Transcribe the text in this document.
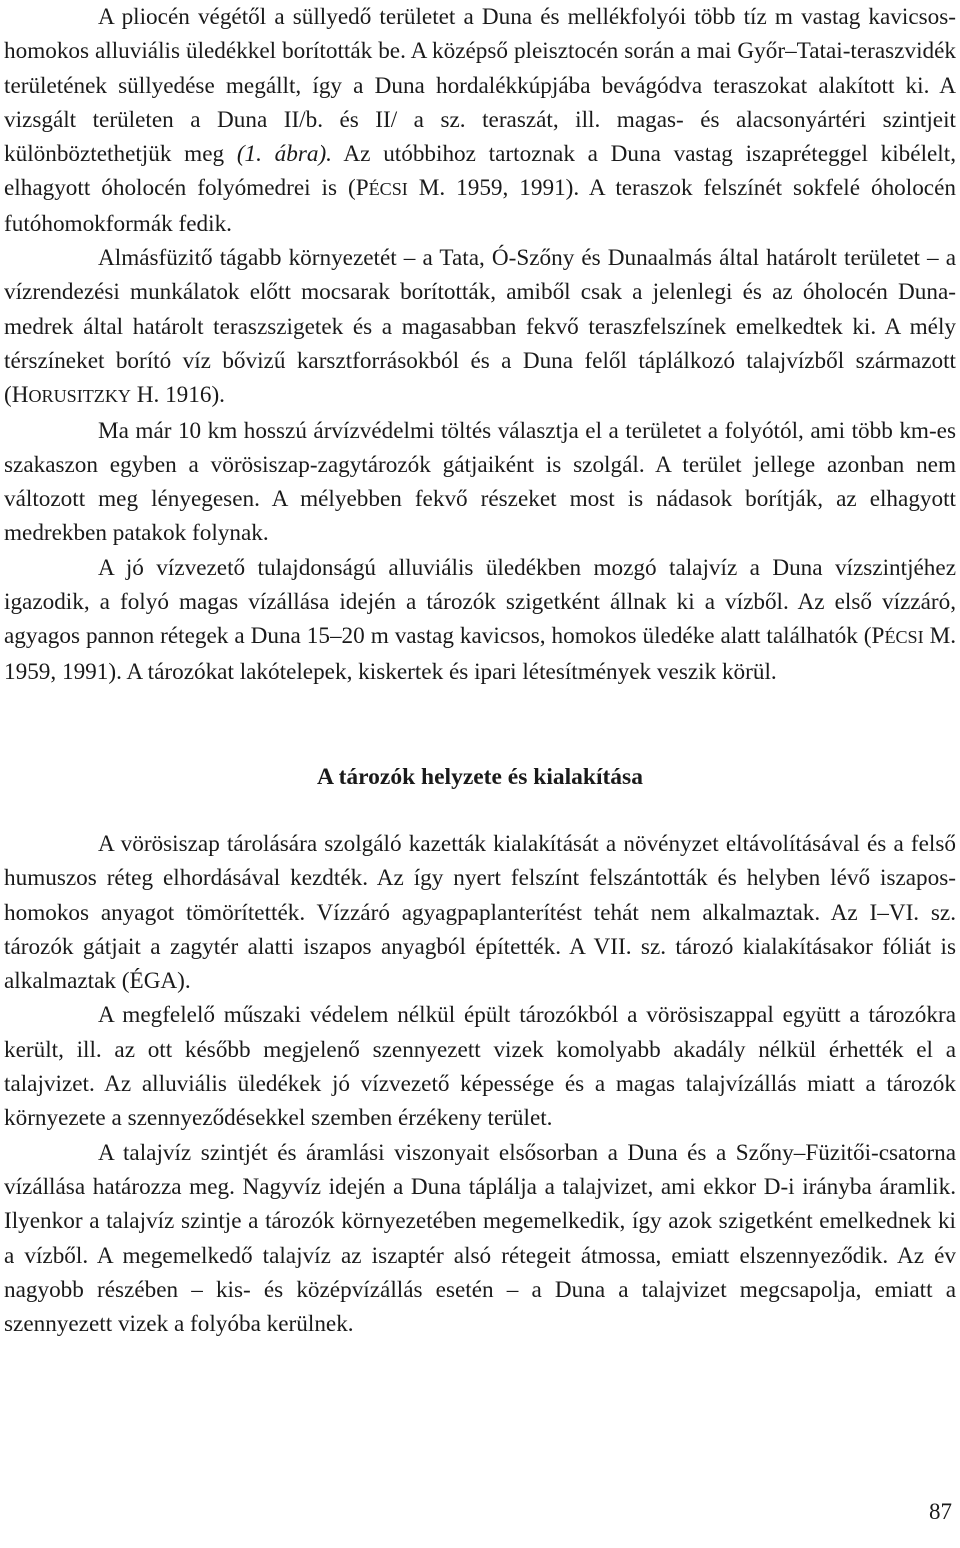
A pliocén végétől a süllyedő területet a Duna és mellékfolyói több tíz m vastag kavicsos-homokos alluviális üledékkel borították be. A középső pleisztocén során a mai Győr–Tatai-teraszvidék területének süllyedése megállt, így a Duna hordalékkúpjába bevágódva teraszokat alakított ki. A vizsgált területen a Duna II/b. és II/ a sz. teraszát, ill. magas- és alacsonyártéri szintjeit különböztethetjük meg (1. ábra). Az utóbbihoz tartoznak a Duna vastag iszapréteggel kibélelt, elhagyott óholocén folyómedrei is (PÉCSI M. 1959, 1991). A teraszok felszínét sokfelé óholocén futóhomokformák fedik.

Almásfüzitő tágabb környezetét – a Tata, Ó-Szőny és Dunaalmás által határolt területet – a vízrendezési munkálatok előtt mocsarak borították, amiből csak a jelenlegi és az óholocén Duna-medrek által határolt teraszszigetek és a magasabban fekvő teraszfelszínek emelkedtek ki. A mély térszíneket borító víz bővizű karsztforrásokból és a Duna felől táplálkozó talajvízből származott (HORUSITZKY H. 1916).

Ma már 10 km hosszú árvízvédelmi töltés választja el a területet a folyótól, ami több km-es szakaszon egyben a vörösiszap-zagytározók gátjaiként is szolgál. A terület jellege azonban nem változott meg lényegesen. A mélyebben fekvő részeket most is nádasok borítják, az elhagyott medrekben patakok folynak.

A jó vízvezető tulajdonságú alluviális üledékben mozgó talajvíz a Duna vízszintjéhez igazodik, a folyó magas vízállása idején a tározók szigetként állnak ki a vízből. Az első vízzáró, agyagos pannon rétegek a Duna 15–20 m vastag kavicsos, homokos üledéke alatt találhatók (PÉCSI M. 1959, 1991). A tározókat lakótelepek, kiskertek és ipari létesítmények veszik körül.

A tározók helyzete és kialakítása

A vörösiszap tárolására szolgáló kazetták kialakítását a növényzet eltávolításával és a felső humuszos réteg elhordásával kezdték. Az így nyert felszínt felszántották és helyben lévő iszapos-homokos anyagot tömörítették. Vízzáró agyagpaplanterítést tehát nem alkalmaztak. Az I–VI. sz. tározók gátjait a zagytér alatti iszapos anyagból építették. A VII. sz. tározó kialakításakor fóliát is alkalmaztak (ÉGA).

A megfelelő műszaki védelem nélkül épült tározókból a vörösiszappal együtt a tározókra került, ill. az ott később megjelenő szennyezett vizek komolyabb akadály nélkül érhették el a talajvizet. Az alluviális üledékek jó vízvezető képessége és a magas talajvízállás miatt a tározók környezete a szennyeződésekkel szemben érzékeny terület.

A talajvíz szintjét és áramlási viszonyait elsősorban a Duna és a Szőny–Füzitői-csatorna vízállása határozza meg. Nagyvíz idején a Duna táplálja a talajvizet, ami ekkor D-i irányba áramlik. Ilyenkor a talajvíz szintje a tározók környezetében megemelkedik, így azok szigetként emelkednek ki a vízből. A megemelkedő talajvíz az iszaptér alsó rétegeit átmossa, emiatt elszennyeződik. Az év nagyobb részében – kis- és középvízállás esetén – a Duna a talajvizet megcsapolja, emiatt a szennyezett vizek a folyóba kerülnek.

87
